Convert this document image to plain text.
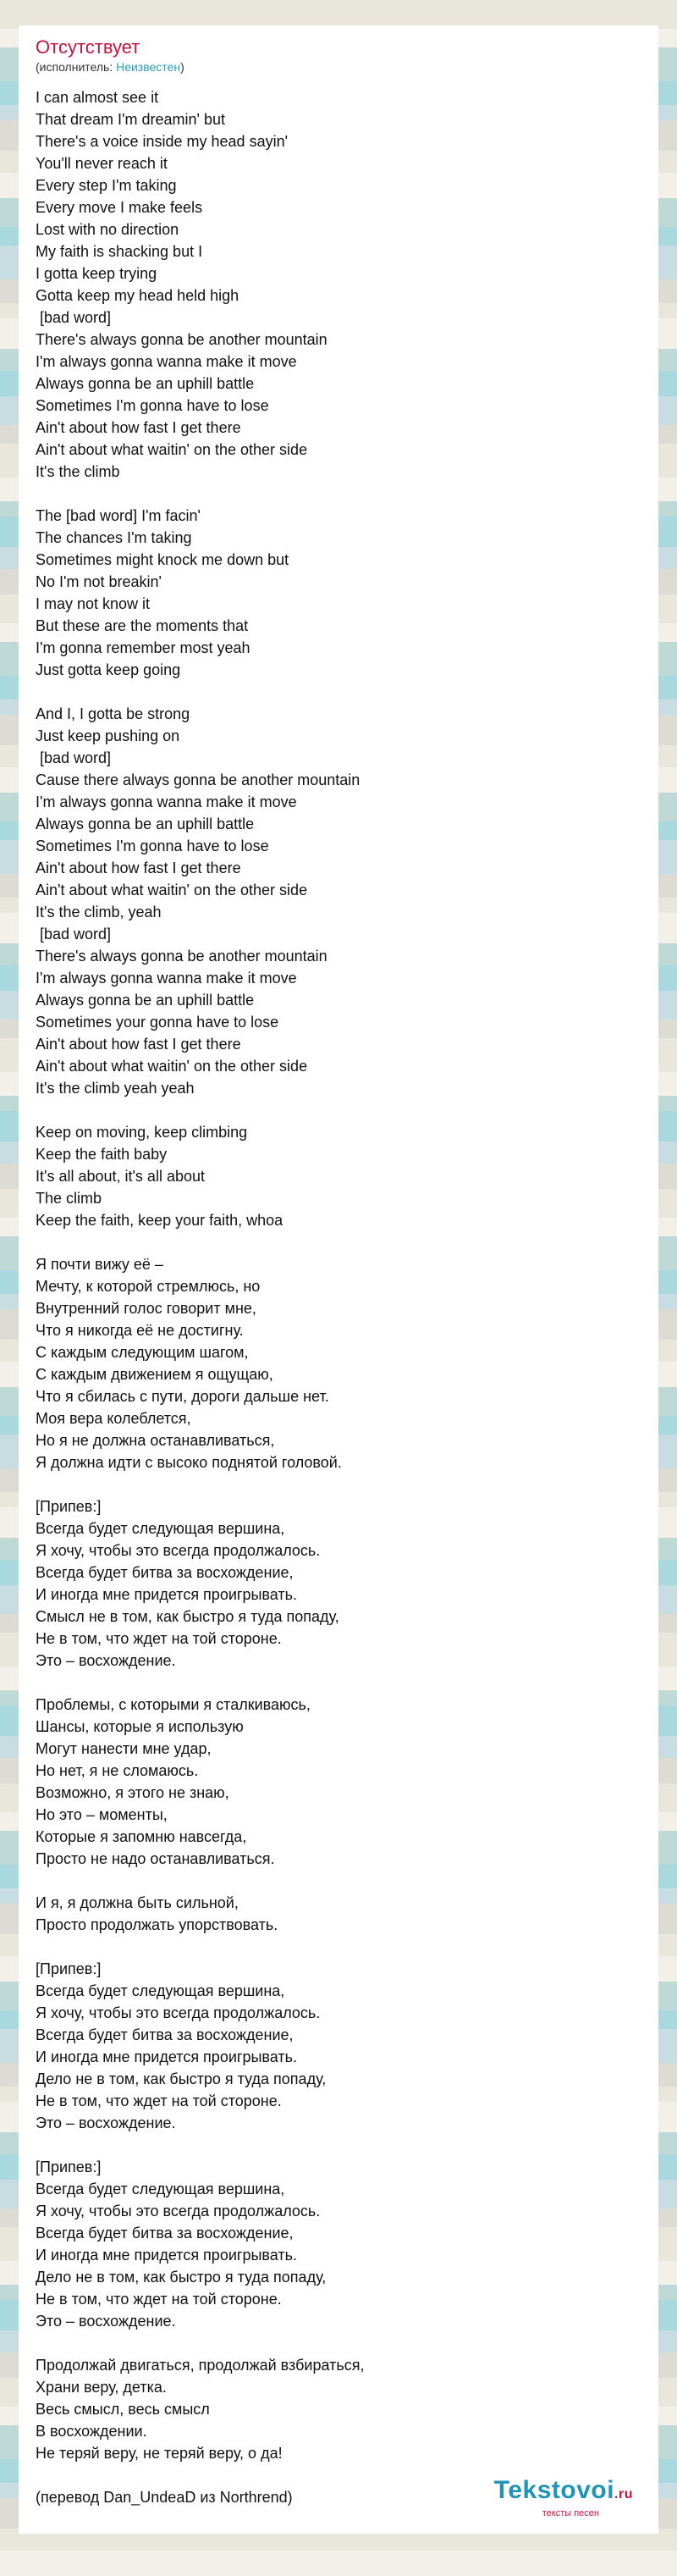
Отсутствует
(исполнитель: Неизвестен)
I can almost see it
That dream I'm dreamin' but
There's a voice inside my head sayin'
You'll never reach it
Every step I'm taking
Every move I make feels
Lost with no direction
My faith is shacking but I
I gotta keep trying
Gotta keep my head held high
[bad word]
There's always gonna be another mountain
I'm always gonna wanna make it move
Always gonna be an uphill battle
Sometimes I'm gonna have to lose
Ain't about how fast I get there
Ain't about what waitin' on the other side
It's the climb
The [bad word] I'm facin'
The chances I'm taking
Sometimes might knock me down but
No I'm not breakin'
I may not know it
But these are the moments that
I'm gonna remember most yeah
Just gotta keep going
And I, I gotta be strong
Just keep pushing on
[bad word]
Cause there always gonna be another mountain
I'm always gonna wanna make it move
Always gonna be an uphill battle
Sometimes I'm gonna have to lose
Ain't about how fast I get there
Ain't about what waitin' on the other side
It's the climb, yeah
[bad word]
There's always gonna be another mountain
I'm always gonna wanna make it move
Always gonna be an uphill battle
Sometimes your gonna have to lose
Ain't about how fast I get there
Ain't about what waitin' on the other side
It's the climb yeah yeah
Keep on moving, keep climbing
Keep the faith baby
It's all about, it's all about
The climb
Keep the faith, keep your faith, whoa
Я почти вижу её –
Мечту, к которой стремлюсь, но
Внутренний голос говорит мне,
Что я никогда её не достигну.
С каждым следующим шагом,
С каждым движением я ощущаю,
Что я сбилась с пути, дороги дальше нет.
Моя вера колеблется,
Но я не должна останавливаться,
Я должна идти с высоко поднятой головой.
[Припев:]
Всегда будет следующая вершина,
Я хочу, чтобы это всегда продолжалось.
Всегда будет битва за восхождение,
И иногда мне придется проигрывать.
Смысл не в том, как быстро я туда попаду,
Не в том, что ждет на той стороне.
Это – восхождение.
Проблемы, с которыми я сталкиваюсь,
Шансы, которые я использую
Могут нанести мне удар,
Но нет, я не сломаюсь.
Возможно, я этого не знаю,
Но это – моменты,
Которые я запомню навсегда,
Просто не надо останавливаться.
И я, я должна быть сильной,
Просто продолжать упорствовать.
[Припев:]
Всегда будет следующая вершина,
Я хочу, чтобы это всегда продолжалось.
Всегда будет битва за восхождение,
И иногда мне придется проигрывать.
Дело не в том, как быстро я туда попаду,
Не в том, что ждет на той стороне.
Это – восхождение.
[Припев:]
Всегда будет следующая вершина,
Я хочу, чтобы это всегда продолжалось.
Всегда будет битва за восхождение,
И иногда мне придется проигрывать.
Дело не в том, как быстро я туда попаду,
Не в том, что ждет на той стороне.
Это – восхождение.
Продолжай двигаться, продолжай взбираться,
Храни веру, детка.
Весь смысл, весь смысл
В восхождении.
Не теряй веру, не теряй веру, о да!
(перевод Dan_UndeaD из Northrend)	Tekstovoi.ru
тексты песен
